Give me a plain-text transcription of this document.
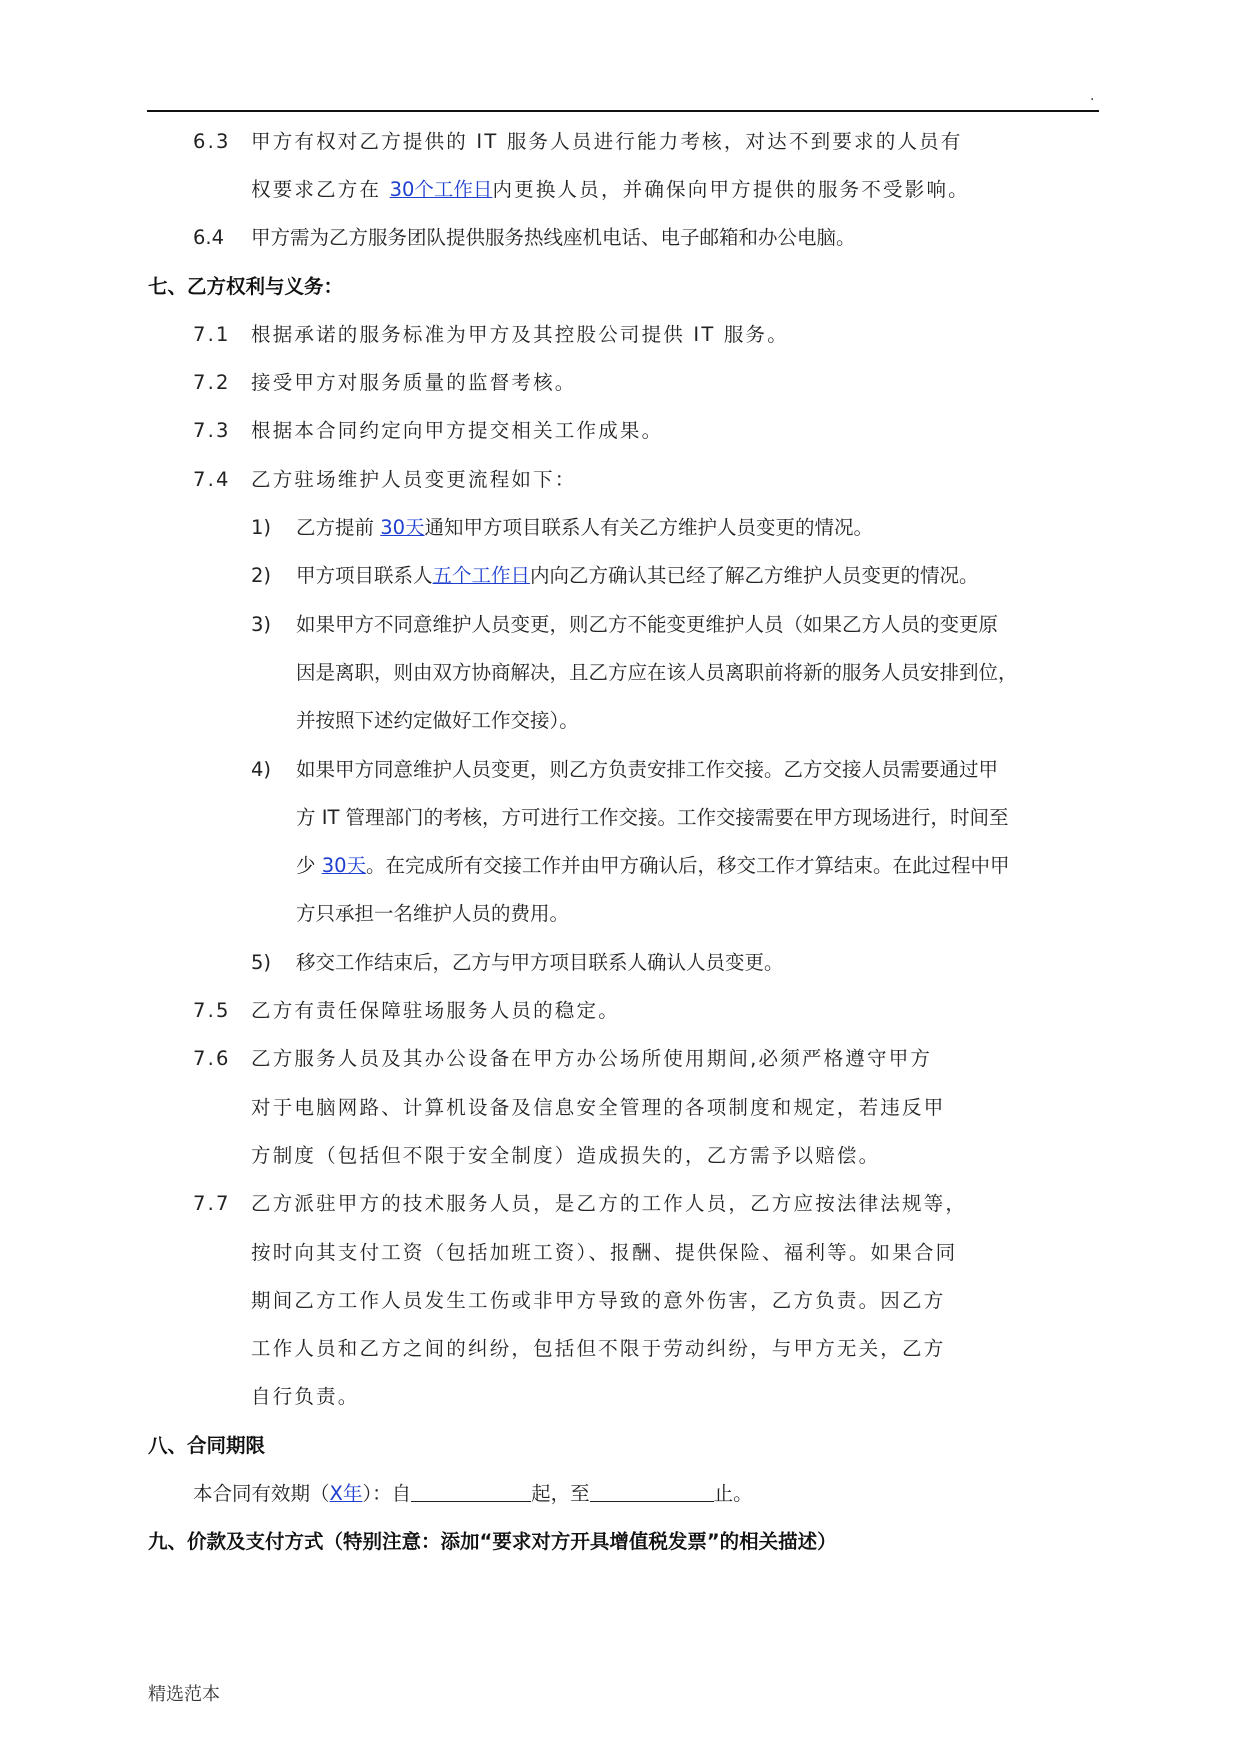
.
6.3 甲方有权对乙方提供的 IT 服务人员进行能力考核，对达不到要求的人员有
权要求乙方在 30个工作日内更换人员，并确保向甲方提供的服务不受影响。
6.4 甲方需为乙方服务团队提供服务热线座机电话、电子邮箱和办公电脑。
七、乙方权利与义务：
7.1 根据承诺的服务标准为甲方及其控股公司提供 IT 服务。
7.2 接受甲方对服务质量的监督考核。
7.3 根据本合同约定向甲方提交相关工作成果。
7.4 乙方驻场维护人员变更流程如下：
1) 乙方提前 30天通知甲方项目联系人有关乙方维护人员变更的情况。
2) 甲方项目联系人五个工作日内向乙方确认其已经了解乙方维护人员变更的情况。
3) 如果甲方不同意维护人员变更，则乙方不能变更维护人员（如果乙方人员的变更原
因是离职，则由双方协商解决，且乙方应在该人员离职前将新的服务人员安排到位，
并按照下述约定做好工作交接）。
4) 如果甲方同意维护人员变更，则乙方负责安排工作交接。乙方交接人员需要通过甲
方 IT 管理部门的考核，方可进行工作交接。工作交接需要在甲方现场进行，时间至
少 30天。在完成所有交接工作并由甲方确认后，移交工作才算结束。在此过程中甲
方只承担一名维护人员的费用。
5) 移交工作结束后，乙方与甲方项目联系人确认人员变更。
7.5 乙方有责任保障驻场服务人员的稳定。
7.6 乙方服务人员及其办公设备在甲方办公场所使用期间,必须严格遵守甲方
对于电脑网路、计算机设备及信息安全管理的各项制度和规定，若违反甲
方制度（包括但不限于安全制度）造成损失的，乙方需予以赔偿。
7.7 乙方派驻甲方的技术服务人员，是乙方的工作人员，乙方应按法律法规等，
按时向其支付工资（包括加班工资）、报酬、提供保险、福利等。如果合同
期间乙方工作人员发生工伤或非甲方导致的意外伤害，乙方负责。因乙方
工作人员和乙方之间的纠纷，包括但不限于劳动纠纷，与甲方无关，乙方
自行负责。
八、合同期限
本合同有效期（X年）：自	起，至	止。
九、价款及支付方式（特别注意：添加“要求对方开具增值税发票”的相关描述）
精选范本
